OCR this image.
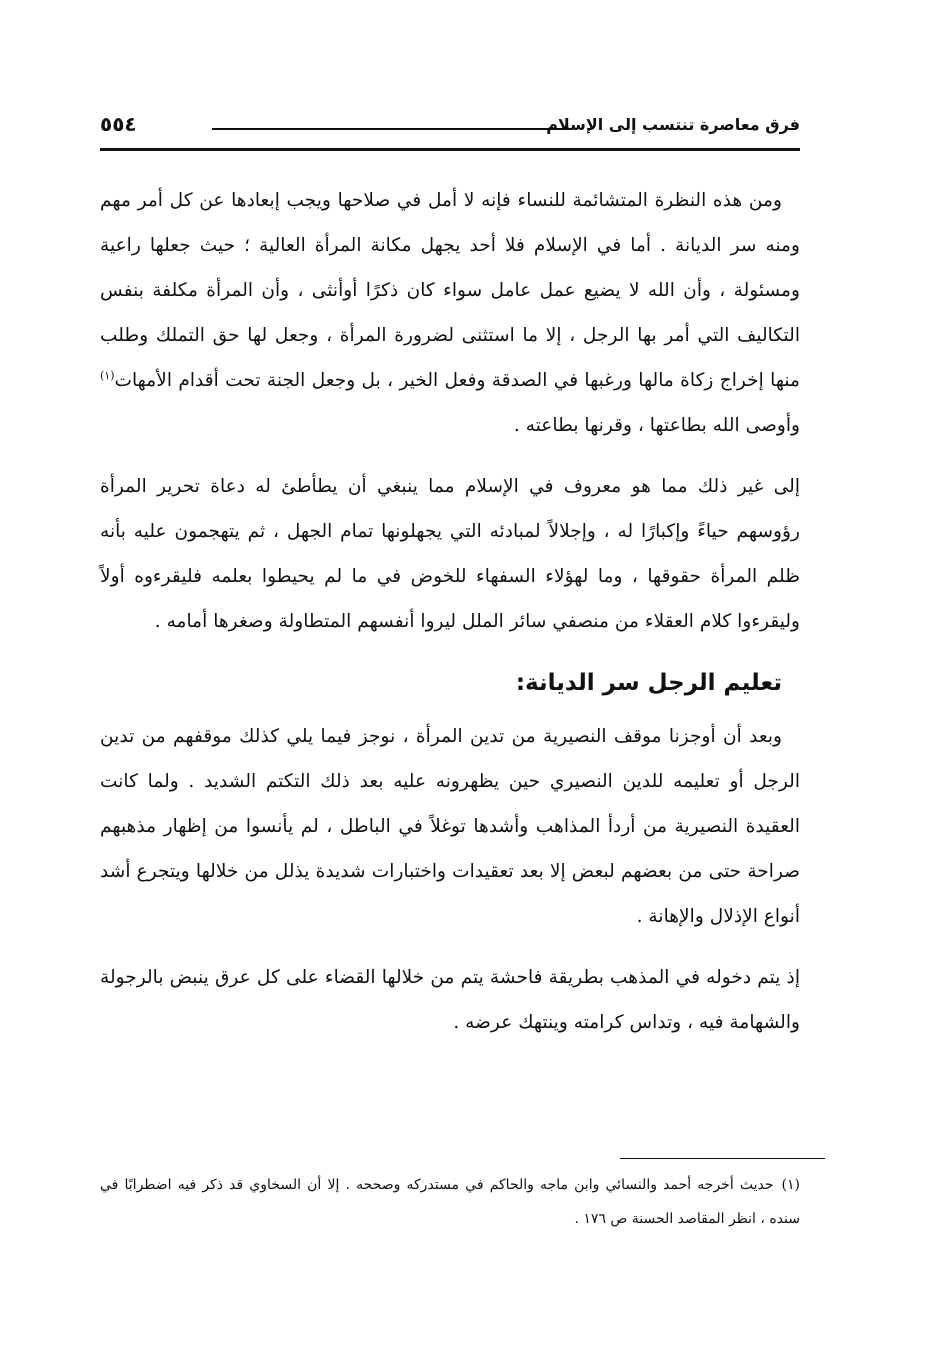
فرق معاصرة تنتسب إلى الإسلام
٥٥٤

ومن هذه النظرة المتشائمة للنساء فإنه لا أمل في صلاحها ويجب إبعادها عن كل أمر مهم ومنه سر الديانة . أما في الإسلام فلا أحد يجهل مكانة المرأة العالية ؛ حيث جعلها راعية ومسئولة ، وأن الله لا يضيع عمل عامل سواء كان ذكرًا أوأنثى ، وأن المرأة مكلفة بنفس التكاليف التي أمر بها الرجل ، إلا ما استثنى لضرورة المرأة ، وجعل لها حق التملك وطلب منها إخراج زكاة مالها ورغبها في الصدقة وفعل الخير ، بل وجعل الجنة تحت أقدام الأمهات$^{(١)}$ وأوصى الله بطاعتها ، وقرنها بطاعته .

إلى غير ذلك مما هو معروف في الإسلام مما ينبغي أن يطأطئ له دعاة تحرير المرأة رؤوسهم حياءً وإكبارًا له ، وإجلالاً لمبادئه التي يجهلونها تمام الجهل ، ثم يتهجمون عليه بأنه ظلم المرأة حقوقها ، وما لهؤلاء السفهاء للخوض في ما لم يحيطوا بعلمه فليقرءوه أولاً وليقرءوا كلام العقلاء من منصفي سائر الملل ليروا أنفسهم المتطاولة وصغرها أمامه .

تعليم الرجل سر الديانة:

وبعد أن أوجزنا موقف النصيرية من تدين المرأة ، نوجز فيما يلي كذلك موقفهم من تدين الرجل أو تعليمه للدين النصيري حين يظهرونه عليه بعد ذلك التكتم الشديد . ولما كانت العقيدة النصيرية من أردأ المذاهب وأشدها توغلاً في الباطل ، لم يأنسوا من إظهار مذهبهم صراحة حتى من بعضهم لبعض إلا بعد تعقيدات واختبارات شديدة يذلل من خلالها ويتجرع أشد أنواع الإذلال والإهانة .

إذ يتم دخوله في المذهب بطريقة فاحشة يتم من خلالها القضاء على كل عرق ينبض بالرجولة والشهامة فيه ، وتداس كرامته وينتهك عرضه .

(١)حديث أخرجه أحمد والنسائي وابن ماجه والحاكم في مستدركه وصححه . إلا أن السخاوي قد ذكر فيه اضطرابًا في سنده ، انظر المقاصد الحسنة ص ١٧٦ .
